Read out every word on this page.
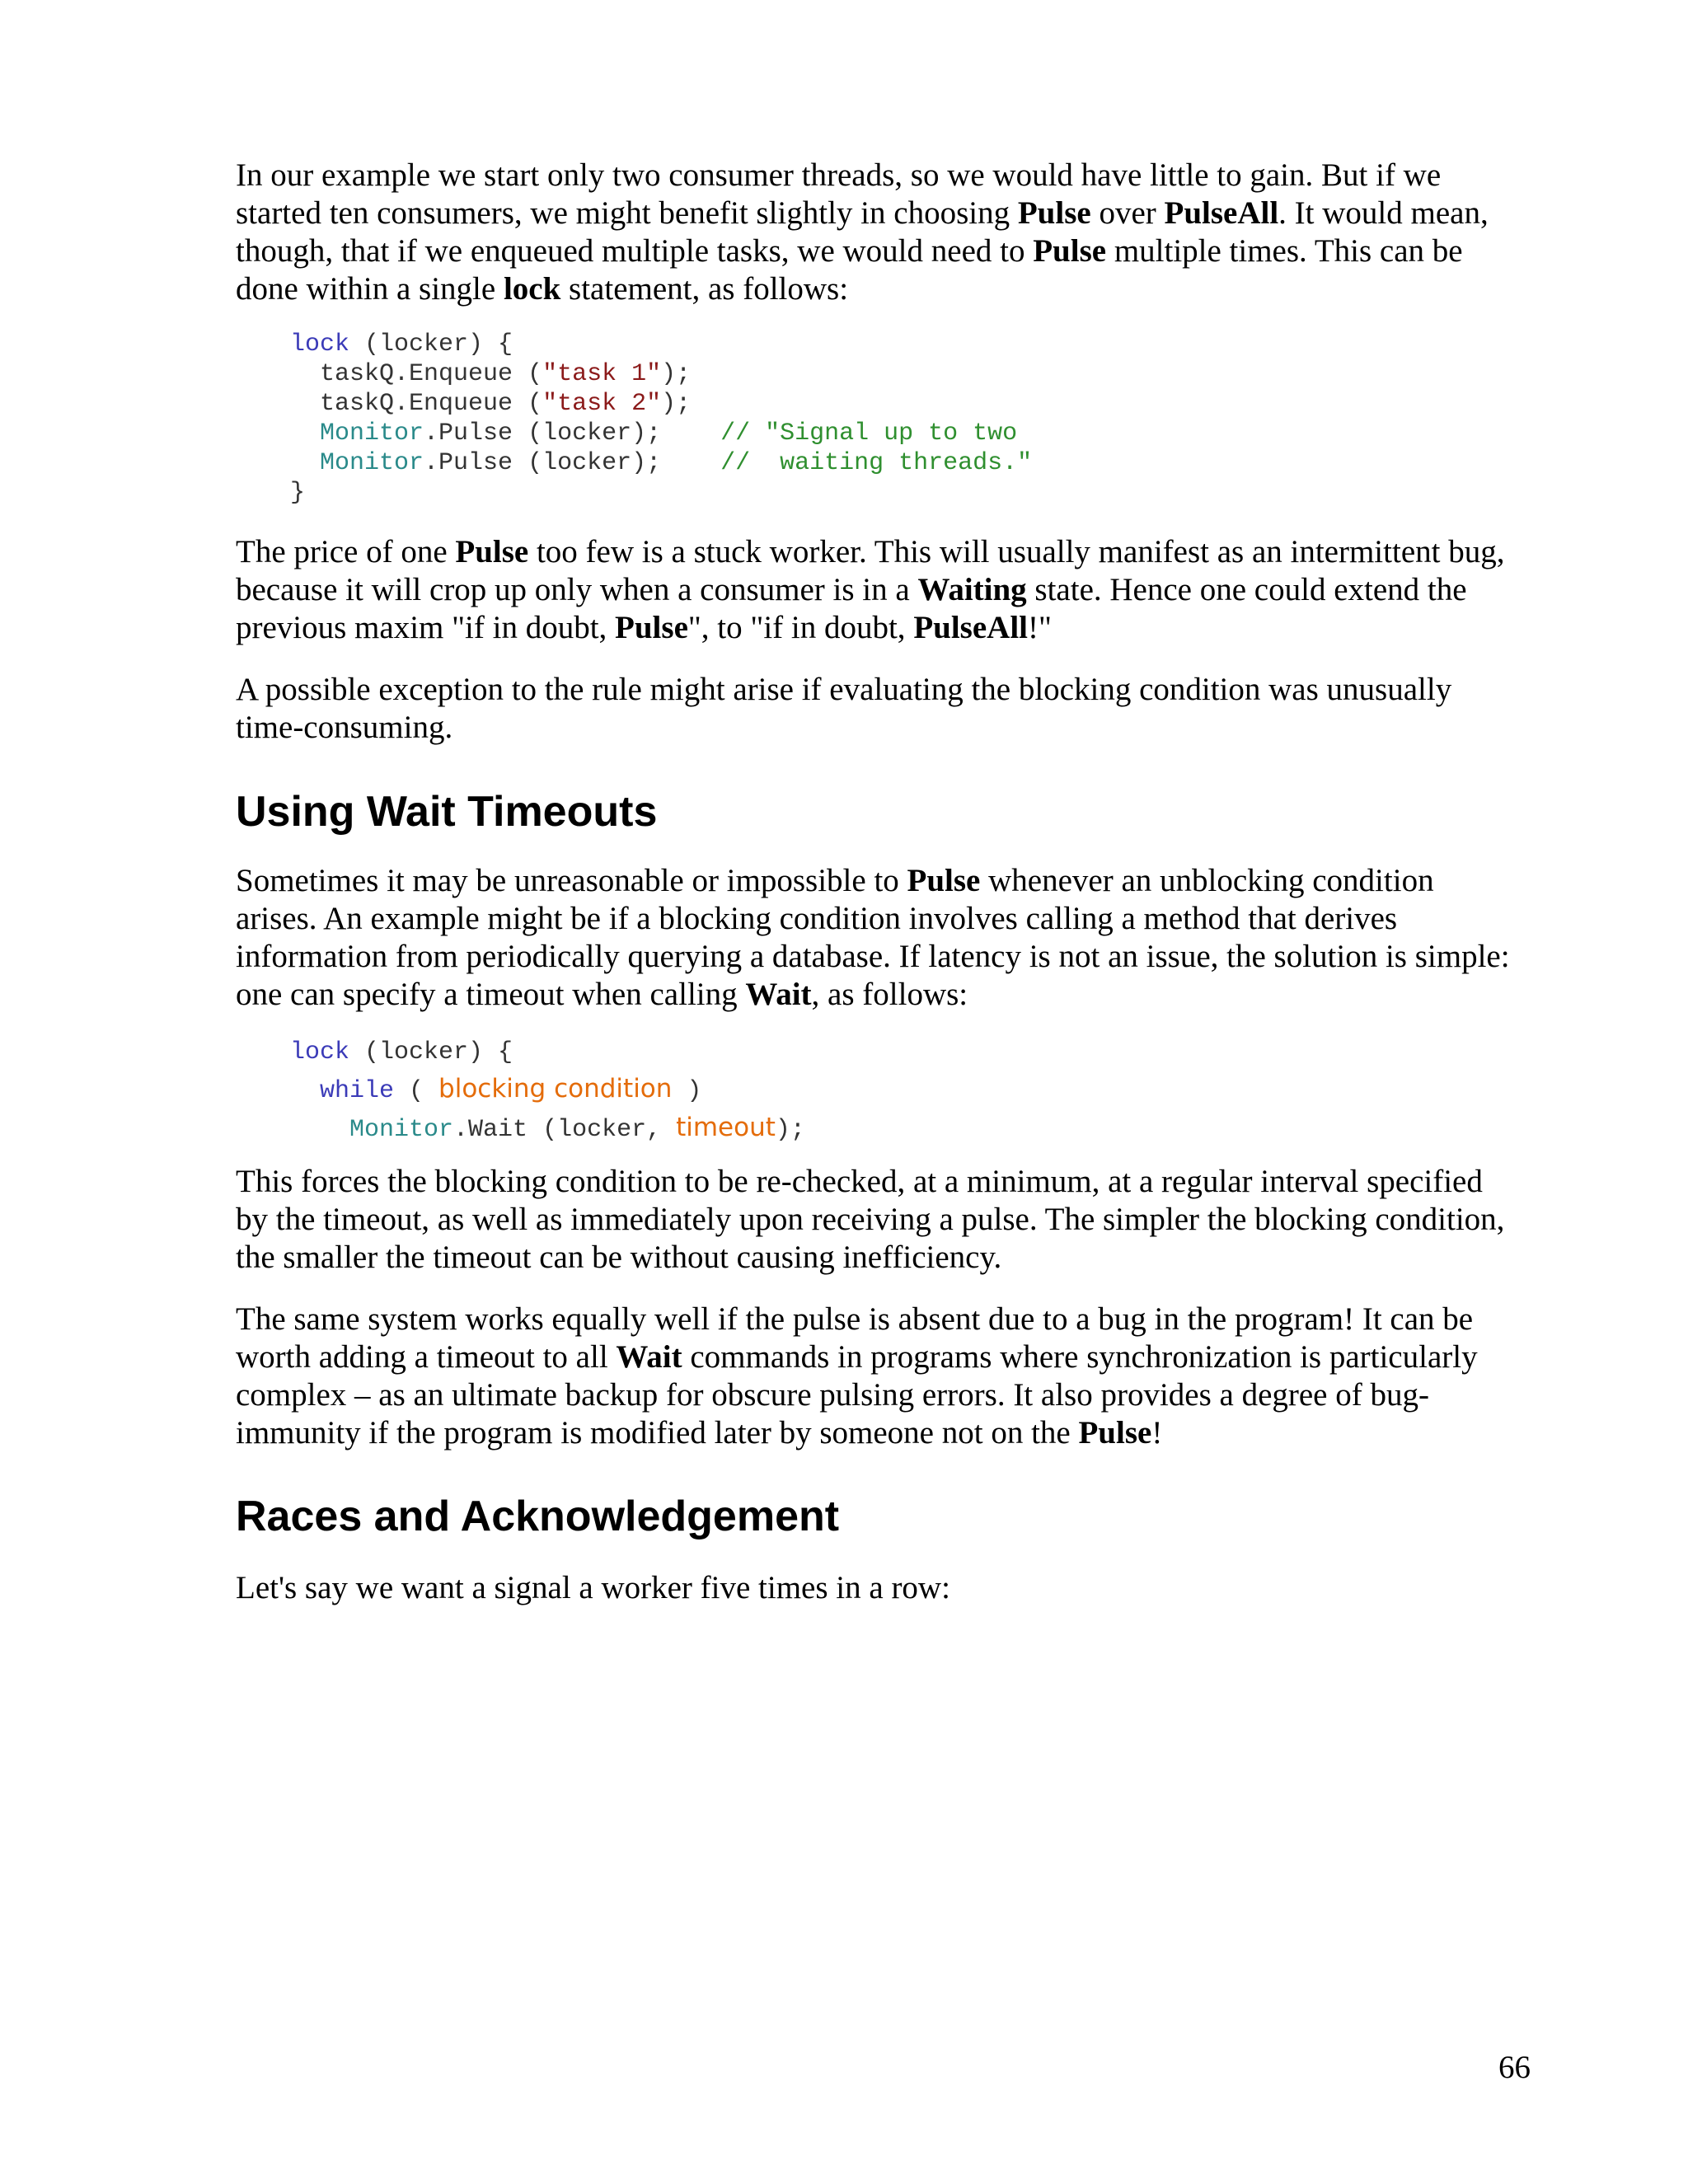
In our example we start only two consumer threads, so we would have little to gain. But if we started ten consumers, we might benefit slightly in choosing Pulse over PulseAll. It would mean, though, that if we enqueued multiple tasks, we would need to Pulse multiple times. This can be done within a single lock statement, as follows:

lock (locker) {
taskQ.Enqueue ("task 1");
taskQ.Enqueue ("task 2");
Monitor.Pulse (locker);    // "Signal up to two
Monitor.Pulse (locker);    //  waiting threads."
}

The price of one Pulse too few is a stuck worker. This will usually manifest as an intermittent bug, because it will crop up only when a consumer is in a Waiting state. Hence one could extend the previous maxim "if in doubt, Pulse", to "if in doubt, PulseAll!"

A possible exception to the rule might arise if evaluating the blocking condition was unusually time-consuming.

Using Wait Timeouts

Sometimes it may be unreasonable or impossible to Pulse whenever an unblocking condition arises. An example might be if a blocking condition involves calling a method that derives information from periodically querying a database. If latency is not an issue, the solution is simple: one can specify a timeout when calling Wait, as follows:

lock (locker) {
while ( blocking condition )
Monitor.Wait (locker, timeout);

This forces the blocking condition to be re-checked, at a minimum, at a regular interval specified by the timeout, as well as immediately upon receiving a pulse. The simpler the blocking condition, the smaller the timeout can be without causing inefficiency.

The same system works equally well if the pulse is absent due to a bug in the program! It can be worth adding a timeout to all Wait commands in programs where synchronization is particularly complex – as an ultimate backup for obscure pulsing errors. It also provides a degree of bug-immunity if the program is modified later by someone not on the Pulse!

Races and Acknowledgement

Let's say we want a signal a worker five times in a row:

66
